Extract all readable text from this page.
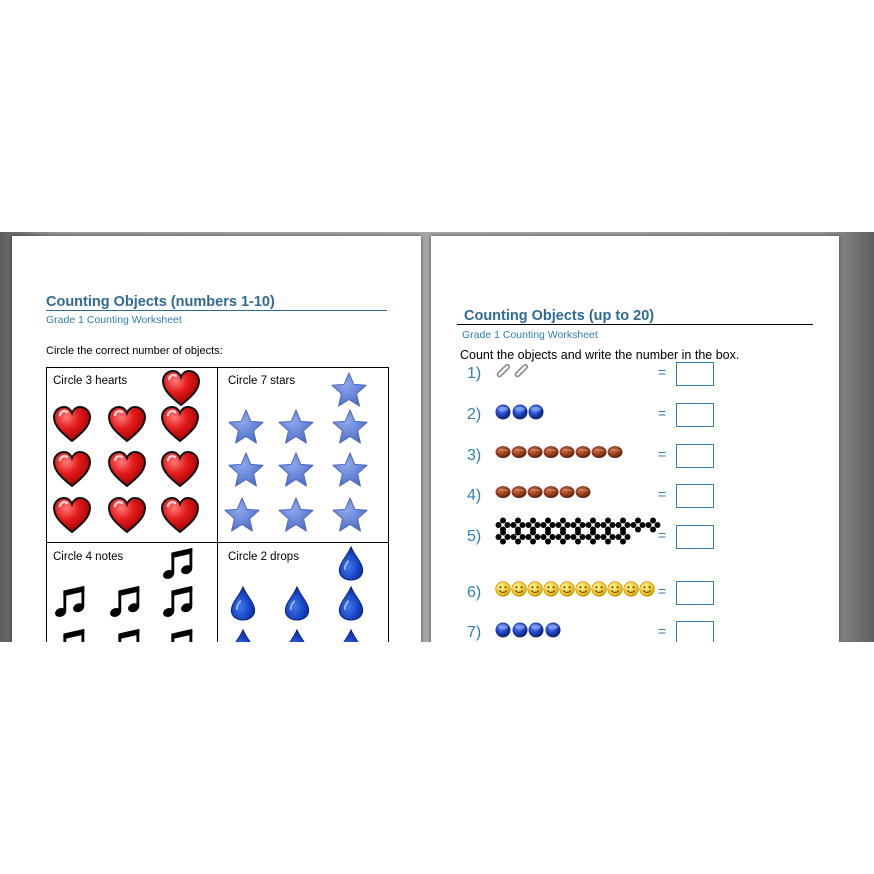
Counting Objects (numbers 1-10)
Grade 1 Counting Worksheet
Circle the correct number of objects:
Circle 3 hearts	Circle 7 stars
Circle 4 notes	Circle 2 drops
Counting Objects (up to 20)
Grade 1 Counting Worksheet
Count the objects and write the number in the box.
1)	=
2)	=
3)	=
4)	=
5)	=
6)	=
7)	=
